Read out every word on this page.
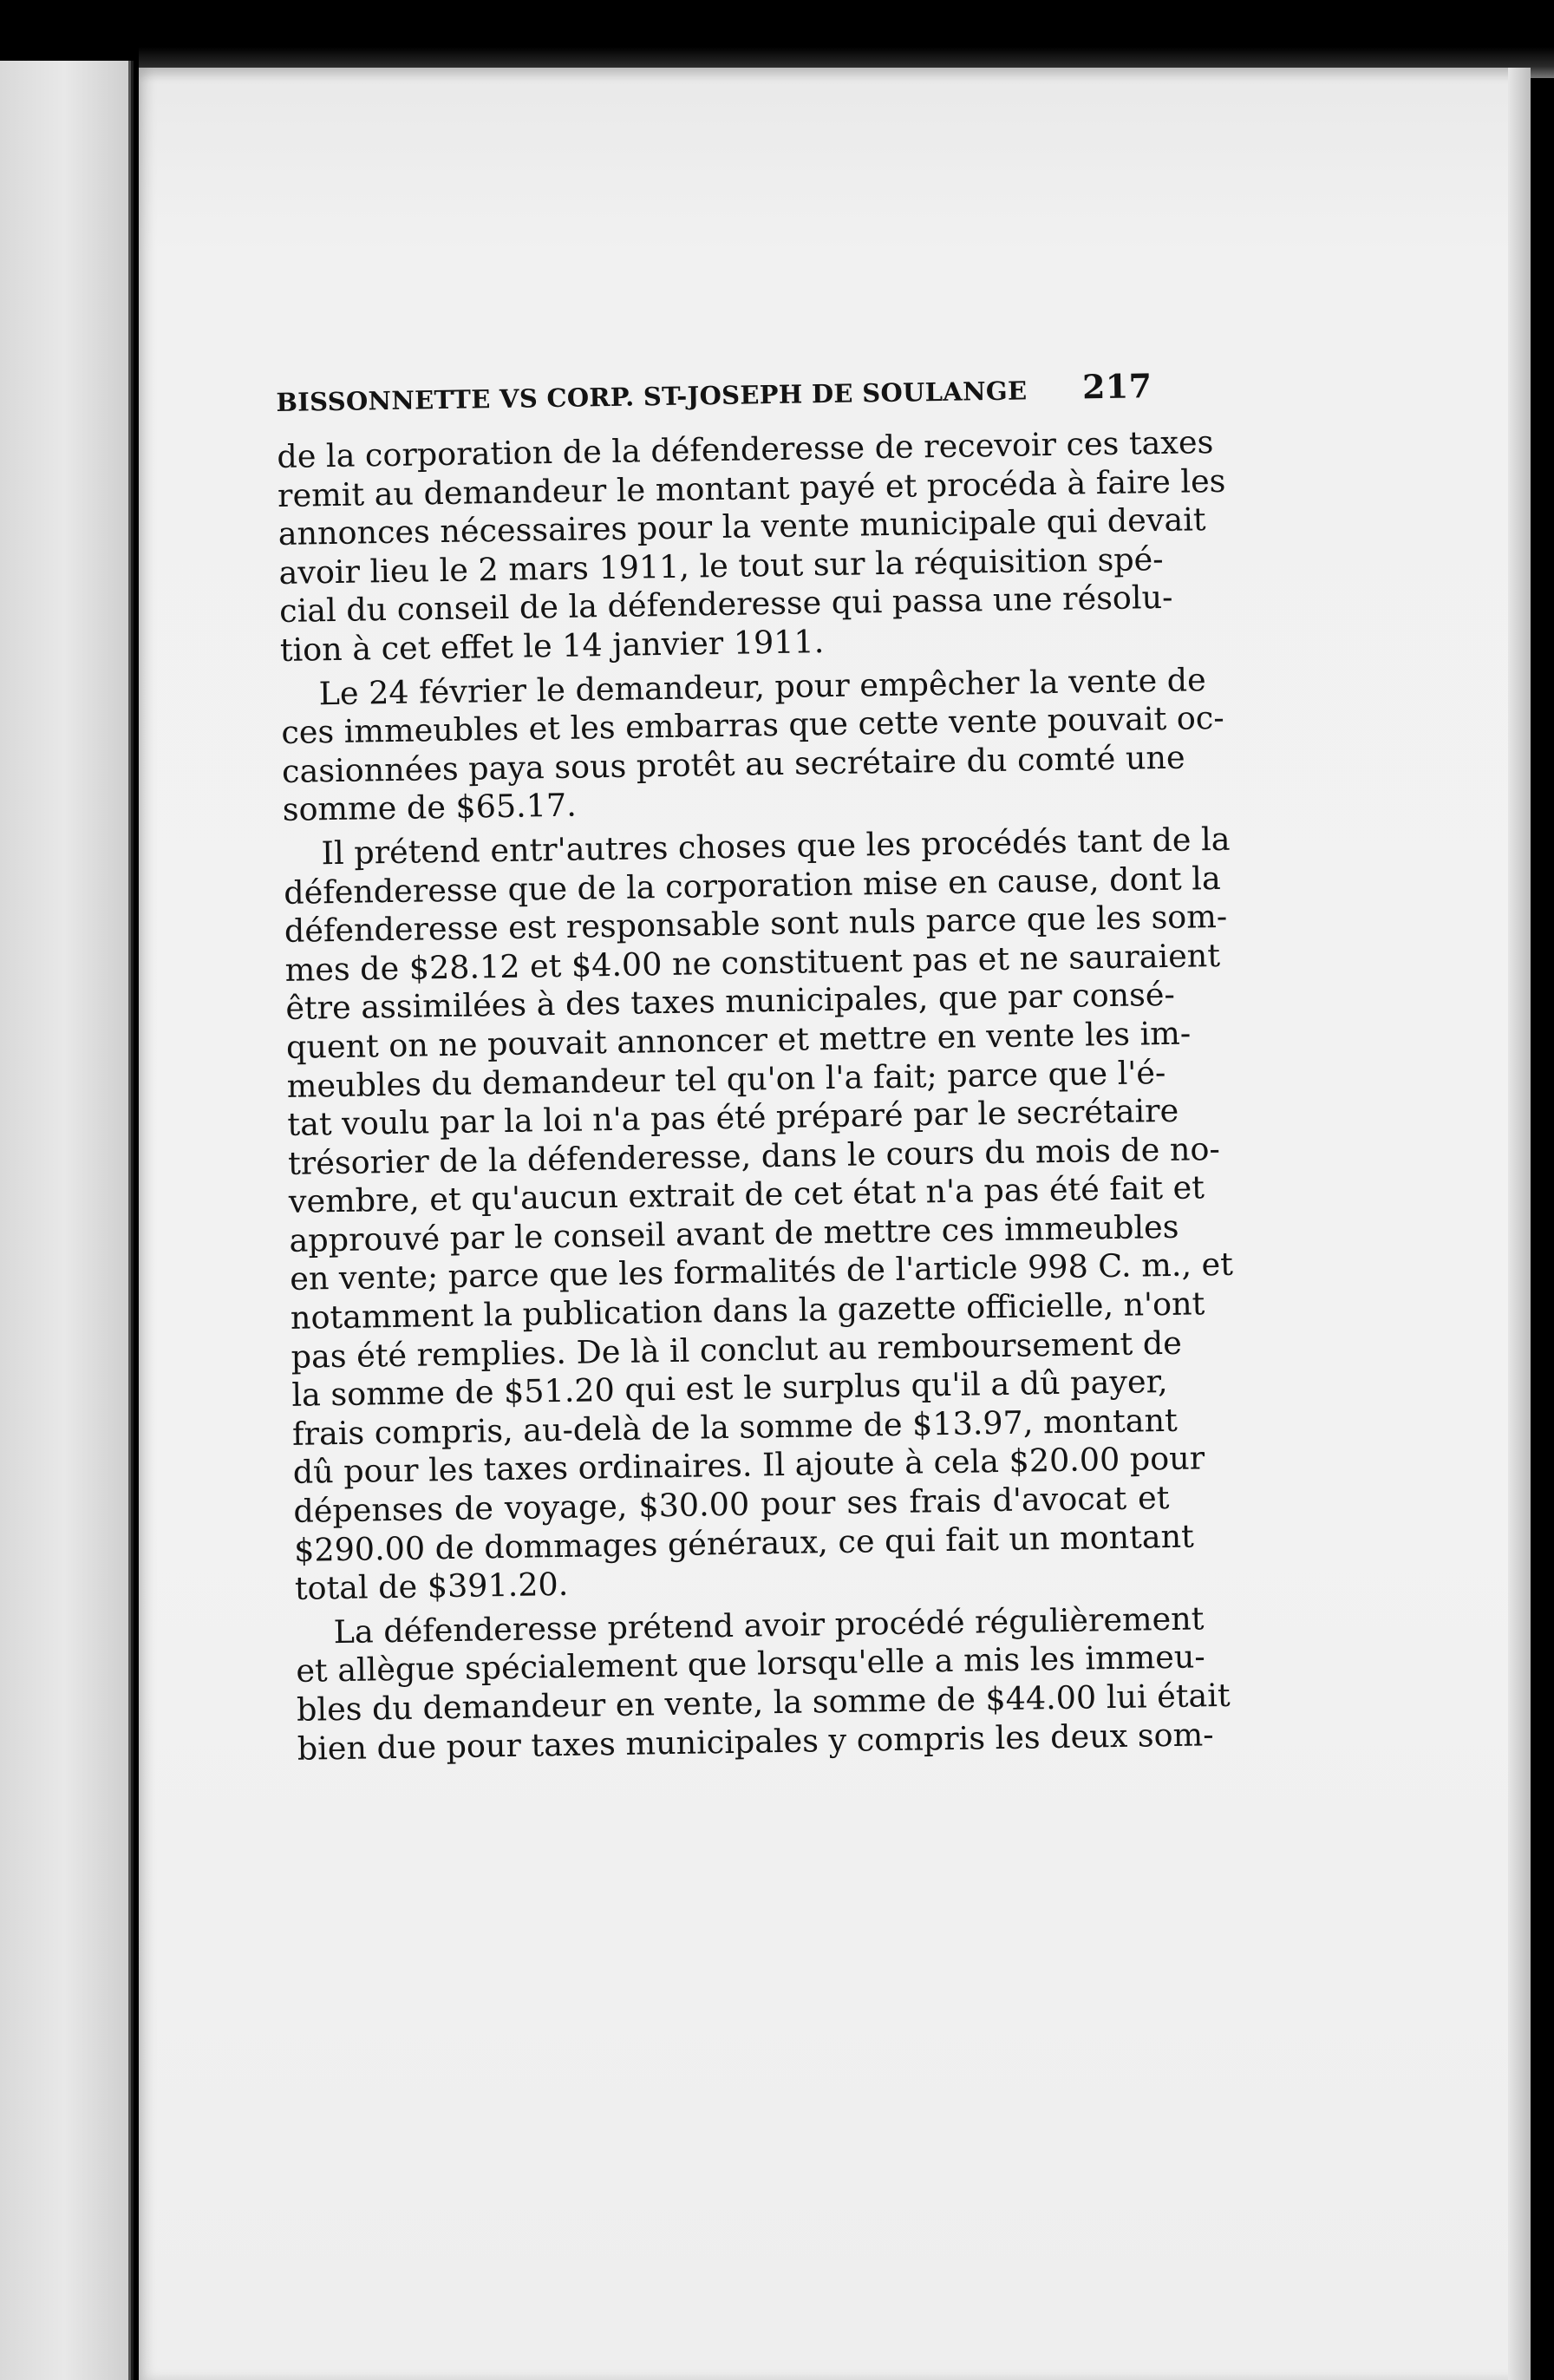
BISSONNETTE VS CORP. ST-JOSEPH DE SOULANGE 217

de la corporation de la défenderesse de recevoir ces taxes
remit au demandeur le montant payé et procéda à faire les
annonces nécessaires pour la vente municipale qui devait
avoir lieu le 2 mars 1911, le tout sur la réquisition spé-
cial du conseil de la défenderesse qui passa une résolu-
tion à cet effet le 14 janvier 1911.

Le 24 février le demandeur, pour empêcher la vente de
ces immeubles et les embarras que cette vente pouvait oc-
casionnées paya sous protêt au secrétaire du comté une
somme de $65.17.

Il prétend entr'autres choses que les procédés tant de la
défenderesse que de la corporation mise en cause, dont la
défenderesse est responsable sont nuls parce que les som-
mes de $28.12 et $4.00 ne constituent pas et ne sauraient
être assimilées à des taxes municipales, que par consé-
quent on ne pouvait annoncer et mettre en vente les im-
meubles du demandeur tel qu'on l'a fait; parce que l'é-
tat voulu par la loi n'a pas été préparé par le secrétaire
trésorier de la défenderesse, dans le cours du mois de no-
vembre, et qu'aucun extrait de cet état n'a pas été fait et
approuvé par le conseil avant de mettre ces immeubles
en vente; parce que les formalités de l'article 998 C. m., et
notamment la publication dans la gazette officielle, n'ont
pas été remplies. De là il conclut au remboursement de
la somme de $51.20 qui est le surplus qu'il a dû payer,
frais compris, au-delà de la somme de $13.97, montant
dû pour les taxes ordinaires. Il ajoute à cela $20.00 pour
dépenses de voyage, $30.00 pour ses frais d'avocat et
$290.00 de dommages généraux, ce qui fait un montant
total de $391.20.

La défenderesse prétend avoir procédé régulièrement
et allègue spécialement que lorsqu'elle a mis les immeu-
bles du demandeur en vente, la somme de $44.00 lui était
bien due pour taxes municipales y compris les deux som-
